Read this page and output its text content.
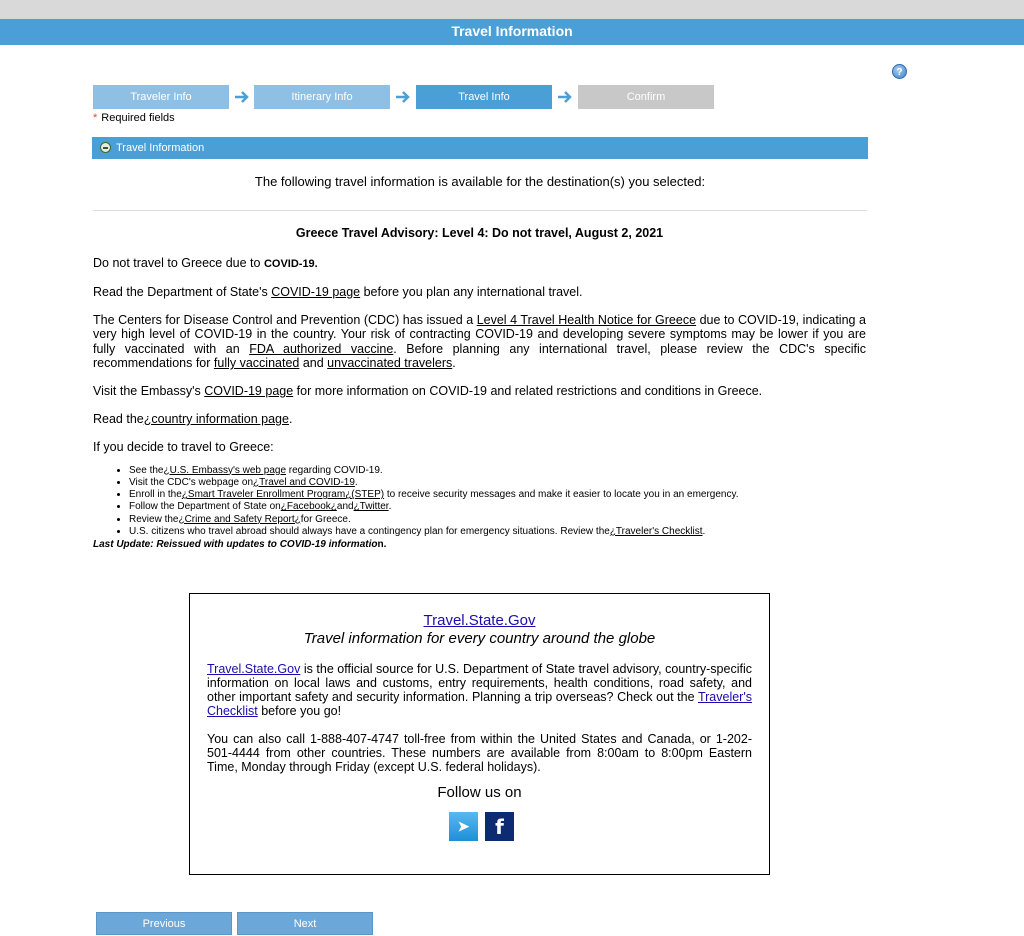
Travel Information
?
Traveler Info	Itinerary Info	Travel Info	Confirm
* Required fields
Travel Information
The following travel information is available for the destination(s) you selected:

Greece Travel Advisory: Level 4: Do not travel, August 2, 2021

Do not travel to Greece due to COVID-19.

Read the Department of State's COVID-19 page before you plan any international travel.

The Centers for Disease Control and Prevention (CDC) has issued a Level 4 Travel Health Notice for Greece due to COVID-19, indicating a very high level of COVID-19 in the country. Your risk of contracting COVID-19 and developing severe symptoms may be lower if you are fully vaccinated with an FDA authorized vaccine. Before planning any international travel, please review the CDC's specific recommendations for fully vaccinated and unvaccinated travelers.

Visit the Embassy's COVID-19 page for more information on COVID-19 and related restrictions and conditions in Greece.

Read the¿country information page.

If you decide to travel to Greece:

• See the¿U.S. Embassy's web page regarding COVID-19.
• Visit the CDC's webpage on¿Travel and COVID-19.
• Enroll in the¿Smart Traveler Enrollment Program¿(STEP) to receive security messages and make it easier to locate you in an emergency.
• Follow the Department of State on¿Facebook¿and¿Twitter.
• Review the¿Crime and Safety Report¿for Greece.
• U.S. citizens who travel abroad should always have a contingency plan for emergency situations. Review the¿Traveler's Checklist.
Last Update: Reissued with updates to COVID-19 information.
Travel.State.Gov
Travel information for every country around the globe
Travel.State.Gov is the official source for U.S. Department of State travel advisory, country-specific information on local laws and customs, entry requirements, health conditions, road safety, and other important safety and security information. Planning a trip overseas? Check out the Traveler's Checklist before you go!
You can also call 1-888-407-4747 toll-free from within the United States and Canada, or 1-202-501-4444 from other countries. These numbers are available from 8:00am to 8:00pm Eastern Time, Monday through Friday (except U.S. federal holidays).
Follow us on
➤	f
Previous	Next
